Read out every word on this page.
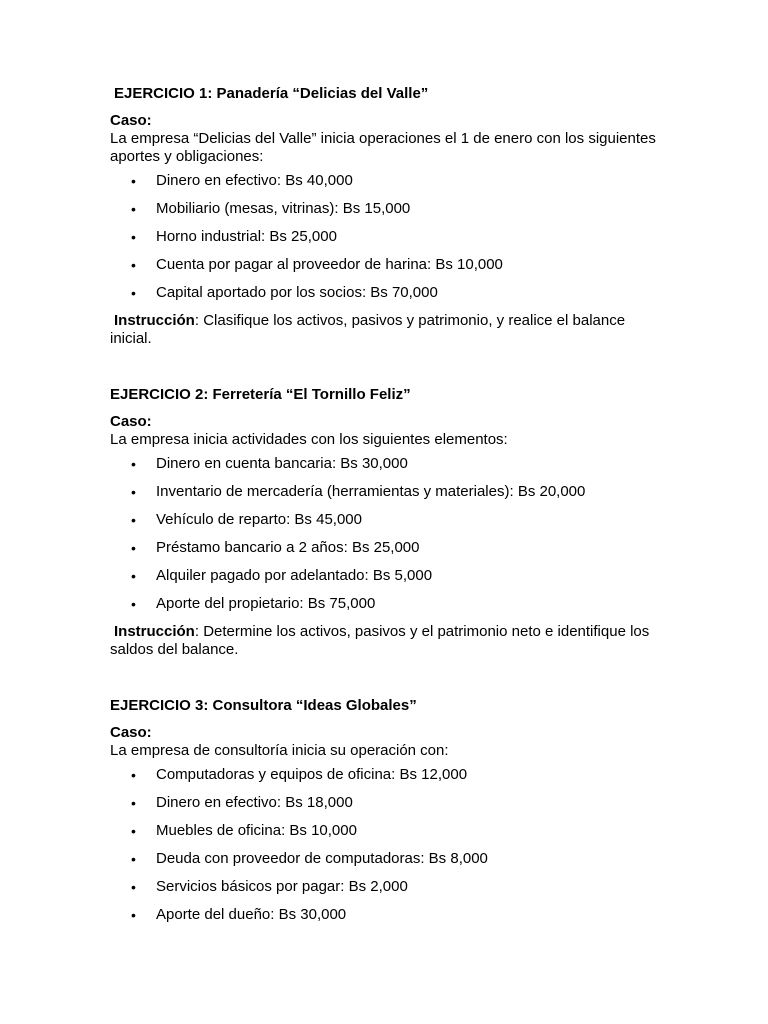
EJERCICIO 1: Panadería “Delicias del Valle”

Caso:

La empresa “Delicias del Valle” inicia operaciones el 1 de enero con los siguientes aportes y obligaciones:

• Dinero en efectivo: Bs 40,000
• Mobiliario (mesas, vitrinas): Bs 15,000
• Horno industrial: Bs 25,000
• Cuenta por pagar al proveedor de harina: Bs 10,000
• Capital aportado por los socios: Bs 70,000

Instrucción: Clasifique los activos, pasivos y patrimonio, y realice el balance inicial.

EJERCICIO 2: Ferretería “El Tornillo Feliz”

Caso:

La empresa inicia actividades con los siguientes elementos:

• Dinero en cuenta bancaria: Bs 30,000
• Inventario de mercadería (herramientas y materiales): Bs 20,000
• Vehículo de reparto: Bs 45,000
• Préstamo bancario a 2 años: Bs 25,000
• Alquiler pagado por adelantado: Bs 5,000
• Aporte del propietario: Bs 75,000

Instrucción: Determine los activos, pasivos y el patrimonio neto e identifique los saldos del balance.

EJERCICIO 3: Consultora “Ideas Globales”

Caso:

La empresa de consultoría inicia su operación con:

• Computadoras y equipos de oficina: Bs 12,000
• Dinero en efectivo: Bs 18,000
• Muebles de oficina: Bs 10,000
• Deuda con proveedor de computadoras: Bs 8,000
• Servicios básicos por pagar: Bs 2,000
• Aporte del dueño: Bs 30,000
